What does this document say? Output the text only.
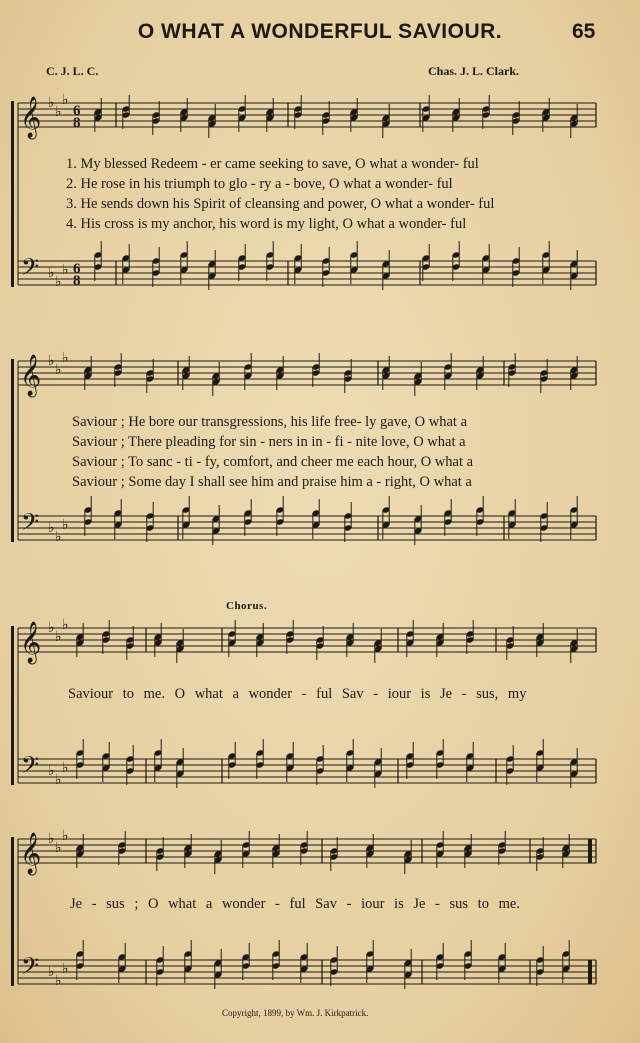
O WHAT A WONDERFUL SAVIOUR.	65
C. J. L. C.	Chas. J. L. Clark.
𝄞
𝄢
♭
♭
♭
♭
♭
♭
6
8
6
8
𝄞
𝄢
♭
♭
♭
♭
♭
♭
𝄞
𝄢
♭
♭
♭
♭
♭
♭
𝄞
𝄢
♭
♭
♭
♭
♭
♭
1. My blessed Redeem - er came seeking to save, O what a wonder- ful
2. He rose in his triumph to glo - ry a - bove, O what a wonder- ful
3. He sends down his Spirit of cleansing and power, O what a wonder- ful
4. His cross is my anchor, his word is my light, O what a wonder- ful
Saviour ; He bore our transgressions, his life free- ly gave, O what a
Saviour ; There pleading for sin - ners in in - fi - nite love, O what a
Saviour ; To sanc - ti - fy, comfort, and cheer me each hour, O what a
Saviour ; Some day I shall see him and praise him a - right, O what a
Chorus.
Saviour to me. O what a wonder - ful Sav - iour is Je - sus, my
Je - sus ; O what a wonder - ful Sav - iour is Je - sus to me.
Copyright, 1899, by Wm. J. Kirkpatrick.
